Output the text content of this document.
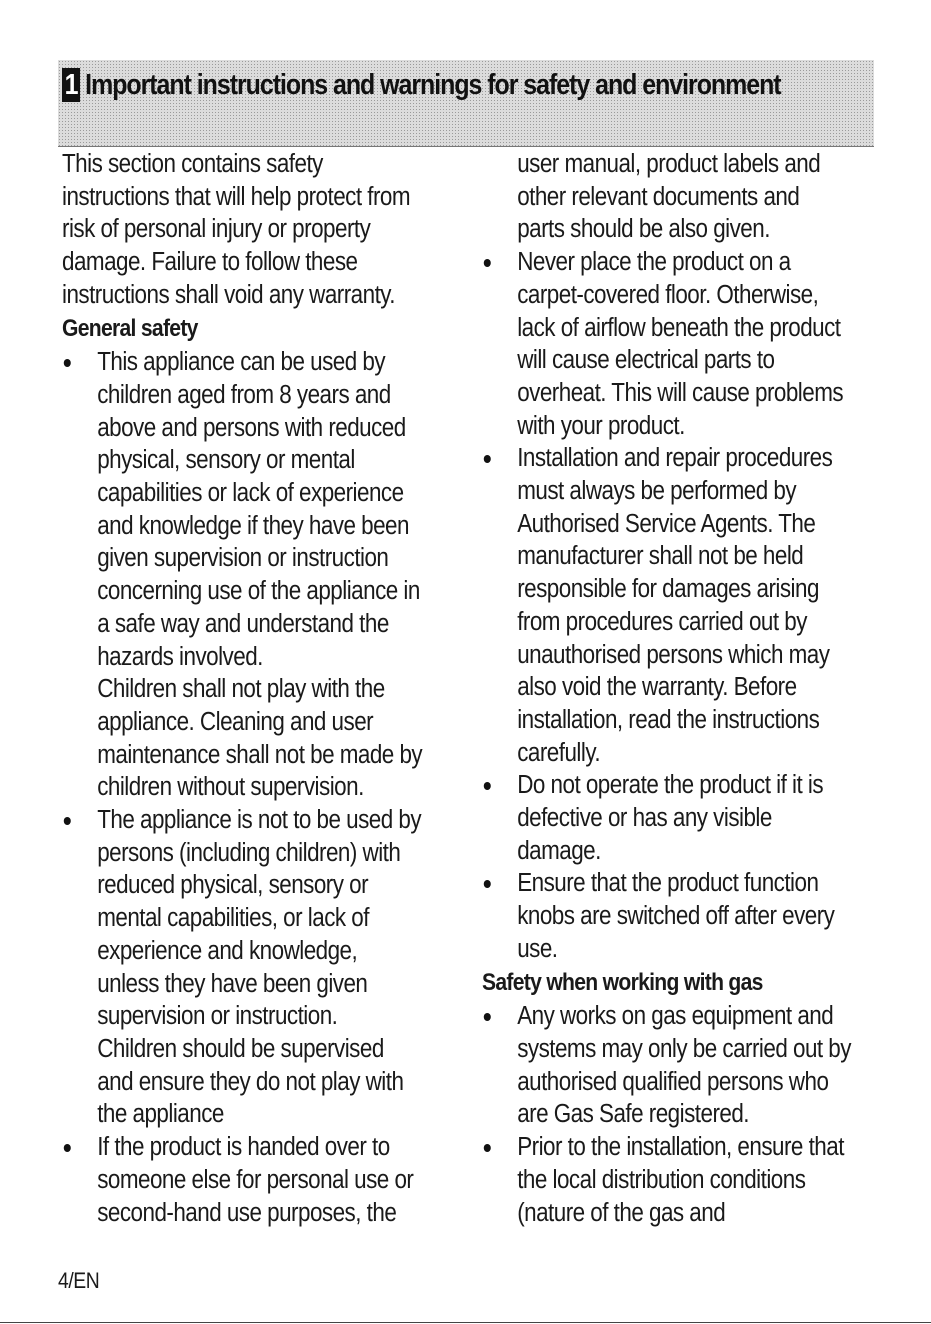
1 Important instructions and warnings for safety and environment

This section contains safety instructions that will help protect from risk of personal injury or property damage. Failure to follow these instructions shall void any warranty.

General safety

This appliance can be used by children aged from 8 years and above and persons with reduced physical, sensory or mental capabilities or lack of experience and knowledge if they have been given supervision or instruction concerning use of the appliance in a safe way and understand the hazards involved.
Children shall not play with the appliance. Cleaning and user maintenance shall not be made by children without supervision.
The appliance is not to be used by persons (including children) with reduced physical, sensory or mental capabilities, or lack of experience and knowledge, unless they have been given supervision or instruction.
Children should be supervised and ensure they do not play with the appliance
If the product is handed over to someone else for personal use or second-hand use purposes, the

user manual, product labels and other relevant documents and parts should be also given.

Never place the product on a carpet-covered floor. Otherwise, lack of airflow beneath the product will cause electrical parts to overheat. This will cause problems with your product.
Installation and repair procedures must always be performed by Authorised Service Agents. The manufacturer shall not be held responsible for damages arising from procedures carried out by unauthorised persons which may also void the warranty. Before installation, read the instructions carefully.
Do not operate the product if it is defective or has any visible damage.
Ensure that the product function knobs are switched off after every use.

Safety when working with gas

Any works on gas equipment and systems may only be carried out by authorised qualified persons who are Gas Safe registered.
Prior to the installation, ensure that the local distribution conditions (nature of the gas and
4/EN
